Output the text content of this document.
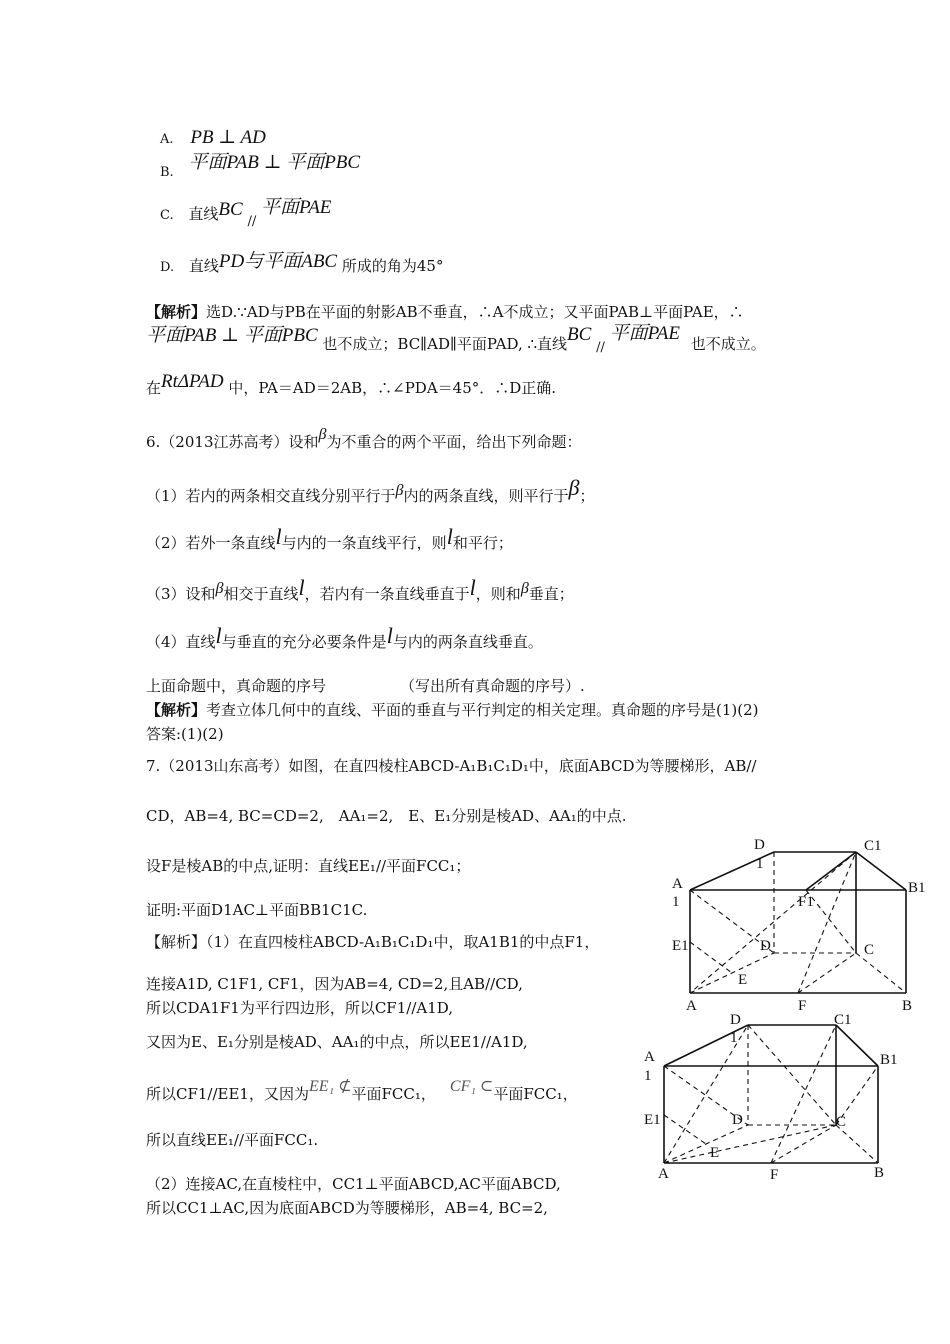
A. PB ⊥ AD
B. 平面PAB ⊥ 平面PBC
C. 直线BC // 平面PAE
D. 直线PD与平面ABC 所成的角为45°
【解析】选D.∵AD与PB在平面的射影AB不垂直，∴A不成立；又平面PAB⊥平面PAE，∴
平面PAB ⊥ 平面PBC 也不成立；BC∥AD∥平面PAD, ∴直线BC // 平面PAE 也不成立。
在RtΔPAD 中，PA＝AD＝2AB，∴∠PDA＝45°．∴D正确.
6.（2013江苏高考）设和β为不重合的两个平面，给出下列命题：
（1）若内的两条相交直线分别平行于β内的两条直线，则平行于β；
（2）若外一条直线l与内的一条直线平行，则l和平行；
（3）设和β相交于直线l，若内有一条直线垂直于l，则和β垂直；
（4）直线l与垂直的充分必要条件是l与内的两条直线垂直。
上面命题中，真命题的序号	（写出所有真命题的序号）.
【解析】考查立体几何中的直线、平面的垂直与平行判定的相关定理。真命题的序号是(1)(2)
答案:(1)(2)
7.（2013山东高考）如图，在直四棱柱ABCD-A₁B₁C₁D₁中，底面ABCD为等腰梯形，AB//
CD，AB=4, BC=CD=2,　AA₁=2,　E、E₁分别是棱AD、AA₁的中点.
设F是棱AB的中点,证明：直线EE₁//平面FCC₁；
证明:平面D1AC⊥平面BB1C1C.
【解析】（1）在直四棱柱ABCD-A₁B₁C₁D₁中，取A1B1的中点F1，
连接A1D, C1F1, CF1，因为AB=4, CD=2,且AB//CD,
所以CDA1F1为平行四边形，所以CF1//A1D,
又因为E、E₁分别是棱AD、AA₁的中点，所以EE1//A1D,
所以CF1//EE1，又因为EE₁ ⊄平面FCC₁， CF₁ ⊂平面FCC₁，
所以直线EE₁//平面FCC₁.
（2）连接AC,在直棱柱中，CC1⊥平面ABCD,AC平面ABCD,
所以CC1⊥AC,因为底面ABCD为等腰梯形，AB=4, BC=2,
D
1
C1
A
1
B1
F1
E1	D	C
E
A	F	B
D
1
C1
A
1
B1
E1	D	C
E
A	F	B
